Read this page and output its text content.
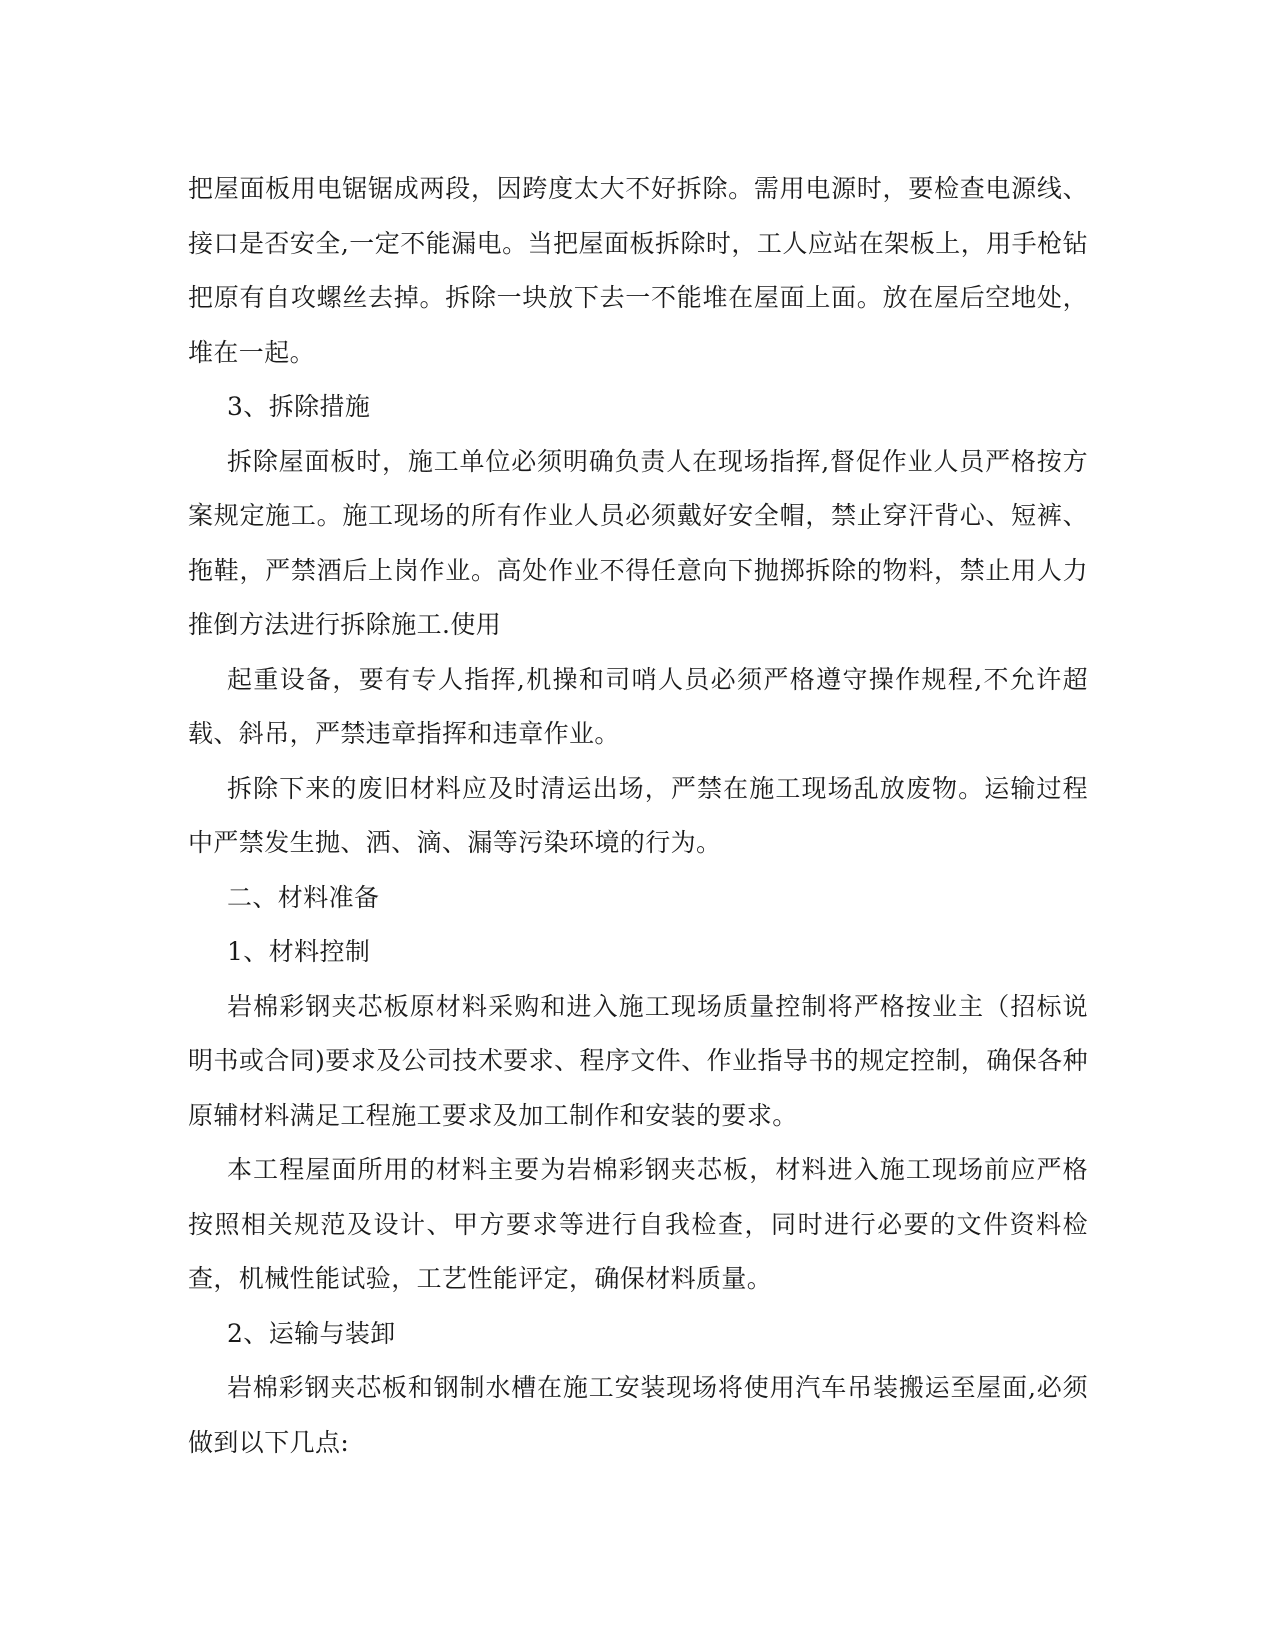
把屋面板用电锯锯成两段，因跨度太大不好拆除。需用电源时，要检查电源线、接口是否安全,一定不能漏电。当把屋面板拆除时，工人应站在架板上，用手枪钻把原有自攻螺丝去掉。拆除一块放下去一不能堆在屋面上面。放在屋后空地处，堆在一起。

3、拆除措施

拆除屋面板时，施工单位必须明确负责人在现场指挥,督促作业人员严格按方案规定施工。施工现场的所有作业人员必须戴好安全帽，禁止穿汗背心、短裤、拖鞋，严禁酒后上岗作业。高处作业不得任意向下抛掷拆除的物料，禁止用人力推倒方法进行拆除施工.使用

起重设备，要有专人指挥,机操和司哨人员必须严格遵守操作规程,不允许超载、斜吊，严禁违章指挥和违章作业。

拆除下来的废旧材料应及时清运出场，严禁在施工现场乱放废物。运输过程中严禁发生抛、洒、滴、漏等污染环境的行为。

二、材料准备

1、材料控制

岩棉彩钢夹芯板原材料采购和进入施工现场质量控制将严格按业主（招标说明书或合同)要求及公司技术要求、程序文件、作业指导书的规定控制，确保各种原辅材料满足工程施工要求及加工制作和安装的要求。

本工程屋面所用的材料主要为岩棉彩钢夹芯板，材料进入施工现场前应严格按照相关规范及设计、甲方要求等进行自我检查，同时进行必要的文件资料检查，机械性能试验，工艺性能评定，确保材料质量。

2、运输与装卸

岩棉彩钢夹芯板和钢制水槽在施工安装现场将使用汽车吊装搬运至屋面,必须做到以下几点:
